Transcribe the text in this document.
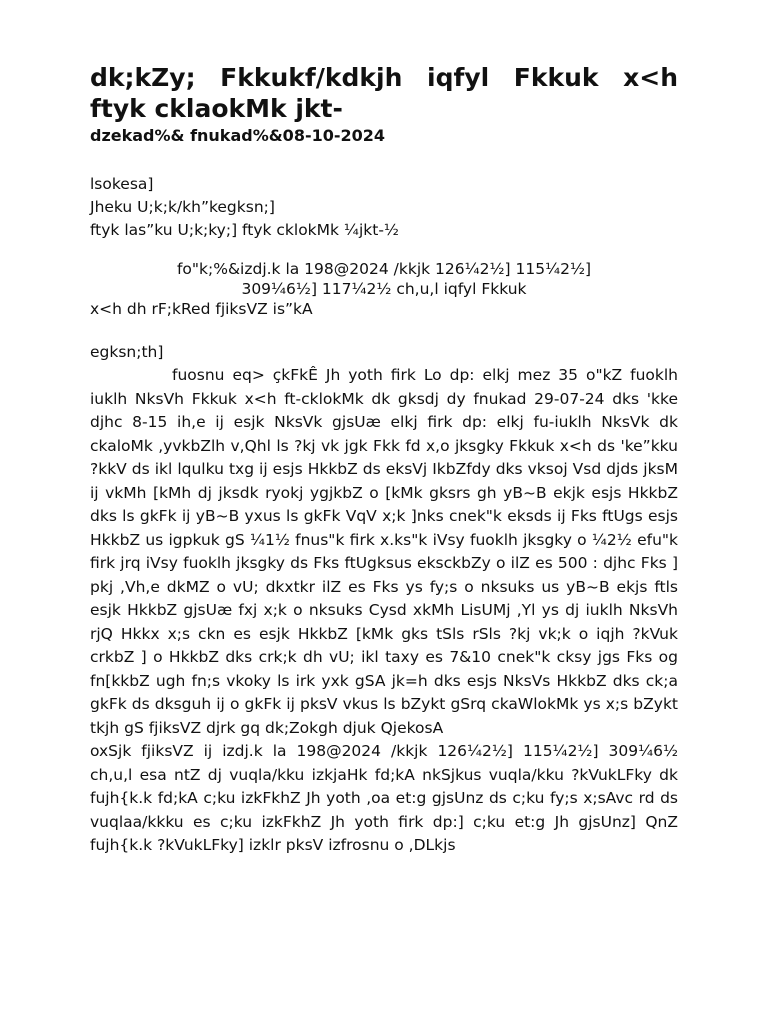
dk;kZy; Fkkukf/kdkjh iqfyl Fkkuk x<h ftyk cklaokMk jkt-
dzekad%& fnukad%&08-10-2024
lsokesa]
Jheku U;k;k/kh”kegksn;]
ftyk las”ku U;k;ky;] ftyk cklokMk ¼jkt-½
fo"k;%&izdj.k la 198@2024 /kkjk 126¼2½] 115¼2½]
309¼6½] 117¼2½ ch,u,l iqfyl Fkkuk
x<h dh rF;kRed fjiksVZ is”kA
egksn;th]

fuosnu eq> çkFkÊ Jh yoth firk Lo dp: elkj mez 35 o"kZ fuoklh iuklh NksVh Fkkuk x<h ft-cklokMk dk gksdj dy fnukad 29-07-24 dks 'kke djhc 8-15 ih,e ij esjk NksVk gjsUæ elkj firk dp: elkj fu-iuklh NksVk dk ckaloMk ,yvkbZlh v,Qhl ls ?kj vk jgk Fkk fd x,o jksgky Fkkuk x<h ds 'ke”kku ?kkV ds ikl lqulku txg ij esjs HkkbZ ds eksVj IkbZfdy dks vksoj Vsd djds jksM ij vkMh [kMh dj jksdk ryokj ygjkbZ o [kMk gksrs gh yB~B ekjk esjs HkkbZ dks ls gkFk ij yB~B yxus ls gkFk VqV x;k ]nks cnek"k eksds ij Fks ftUgs esjs HkkbZ us igpkuk gS ¼1½ fnus"k firk x.ks"k iVsy fuoklh jksgky o ¼2½ efu"k firk jrq iVsy fuoklh jksgky ds Fks ftUgksus eksckbZy o ilZ es 500 : djhc Fks ] pkj ,Vh,e dkMZ o vU; dkxtkr ilZ es Fks ys fy;s o nksuks us yB~B ekjs ftls esjk HkkbZ gjsUæ fxj x;k o nksuks Cysd xkMh LisUMj ,Yl ys dj iuklh NksVh rjQ Hkkx x;s ckn es esjk HkkbZ [kMk gks tSls rSls ?kj vk;k o iqjh ?kVuk crkbZ ] o HkkbZ dks crk;k dh vU; ikl taxy es 7&10 cnek"k cksy jgs Fks og fn[kkbZ ugh fn;s vkoky ls irk yxk gSA jk=h dks esjs NksVs HkkbZ dks ck;a gkFk ds dksguh ij o gkFk ij pksV vkus ls bZykt gSrq ckaWlokMk ys x;s bZykt tkjh gS fjiksVZ djrk gq dk;Zokgh djuk QjekosA

oxSjk fjiksVZ ij izdj.k la 198@2024 /kkjk 126¼2½] 115¼2½] 309¼6½ ch,u,l esa ntZ dj vuqla/kku izkjaHk fd;kA nkSjkus vuqla/kku ?kVukLFky dk fujh{k.k fd;kA c;ku izkFkhZ Jh yoth ,oa et:g gjsUnz ds c;ku fy;s x;sAvc rd ds vuqlaa/kkku es c;ku izkFkhZ Jh yoth firk dp:] c;ku et:g Jh gjsUnz] QnZ fujh{k.k ?kVukLFky] izklr pksV izfrosnu o ,DLkjs
